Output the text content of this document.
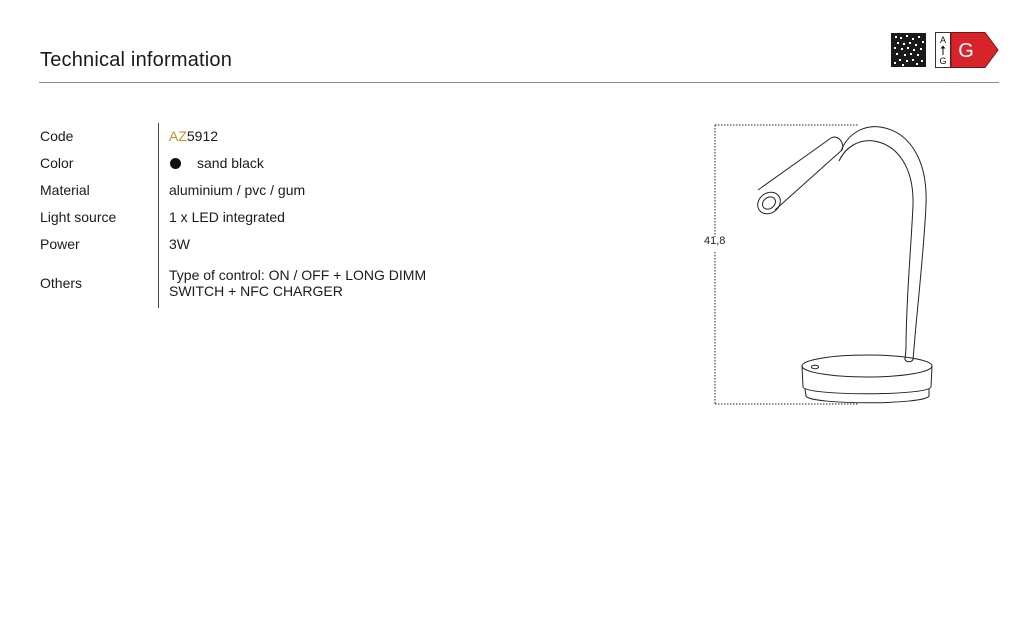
Technical information
A
G G
Code	AZ5912
Color	sand black
Material	aluminium / pvc / gum
Light source	1 x LED integrated
Power	3W
Others	Type of control: ON / OFF + LONG DIMM
SWITCH + NFC CHARGER
41,8
